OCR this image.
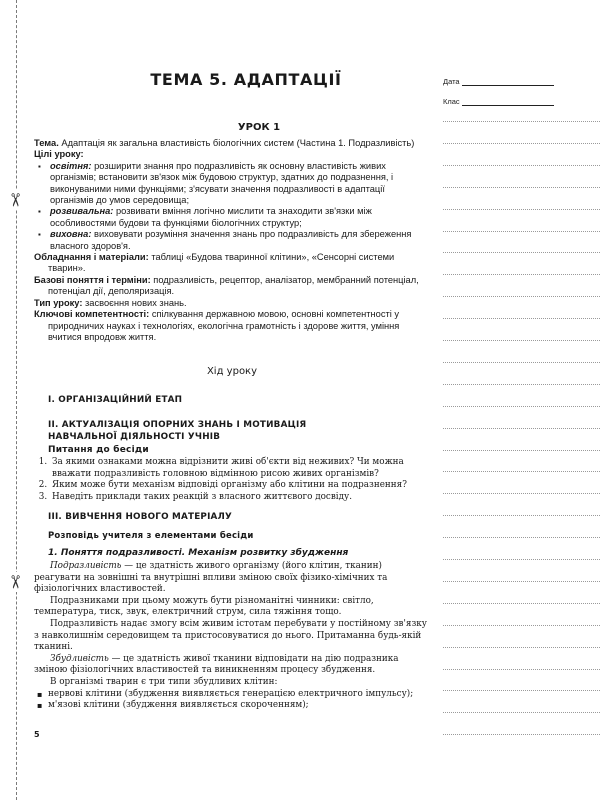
✂
✂
ТЕМА 5. АДАПТАЦІЇ
УРОК 1
Тема. Адаптація як загальна властивість біологічних систем (Частина 1. Подразливість)
Цілі уроку:
▪ освітня: розширити знання про подразливість як основну властивість живих організмів; встановити зв'язок між будовою структур, здатних до подразнення, і виконуваними ними функціями; з'ясувати значення подразливості в адаптації організмів до умов середовища;
▪ розвивальна: розвивати вміння логічно мислити та знаходити зв'язки між особливостями будови та функціями біологічних структур;
▪ виховна: виховувати розуміння значення знань про подразливість для збереження власного здоров'я.
Обладнання і матеріали: таблиці «Будова тваринної клітини», «Сенсорні системи тварин».
Базові поняття і терміни: подразливість, рецептор, аналізатор, мембранний потенціал, потенціал дії, деполяризація.
Тип уроку: засвоєння нових знань.
Ключові компетентності: спілкування державною мовою, основні компетентності у природничих науках і технологіях, екологічна грамотність і здорове життя, уміння вчитися впродовж життя.
Хід уроку
I. ОРГАНІЗАЦІЙНИЙ ЕТАП
II. АКТУАЛІЗАЦІЯ ОПОРНИХ ЗНАНЬ І МОТИВАЦІЯ НАВЧАЛЬНОЇ ДІЯЛЬНОСТІ УЧНІВ
Питання до бесіди
1. За якими ознаками можна відрізнити живі об'єкти від неживих? Чи можна вважати подразливість головною відмінною рисою живих організмів?
2. Яким може бути механізм відповіді організму або клітини на подразнення?
3. Наведіть приклади таких реакцій з власного життєвого досвіду.
III. ВИВЧЕННЯ НОВОГО МАТЕРІАЛУ
Розповідь учителя з елементами бесіди
1. Поняття подразливості. Механізм розвитку збудження
Подразливість — це здатність живого організму (його клітин, тканин) реагувати на зовнішні та внутрішні впливи зміною своїх фізико-хімічних та фізіологічних властивостей.
Подразниками при цьому можуть бути різноманітні чинники: світло, температура, тиск, звук, електричний струм, сила тяжіння тощо.
Подразливість надає змогу всім живим істотам перебувати у постійному зв'язку з навколишнім середовищем та пристосовуватися до нього. Притаманна будь-якій тканині.
Збудливість — це здатність живої тканини відповідати на дію подразника зміною фізіологічних властивостей та виникненням процесу збудження.
В організмі тварин є три типи збудливих клітин:
▪ нервові клітини (збудження виявляється генерацією електричного імпульсу);
▪ м'язові клітини (збудження виявляється скороченням);
5
Дата
Клас
